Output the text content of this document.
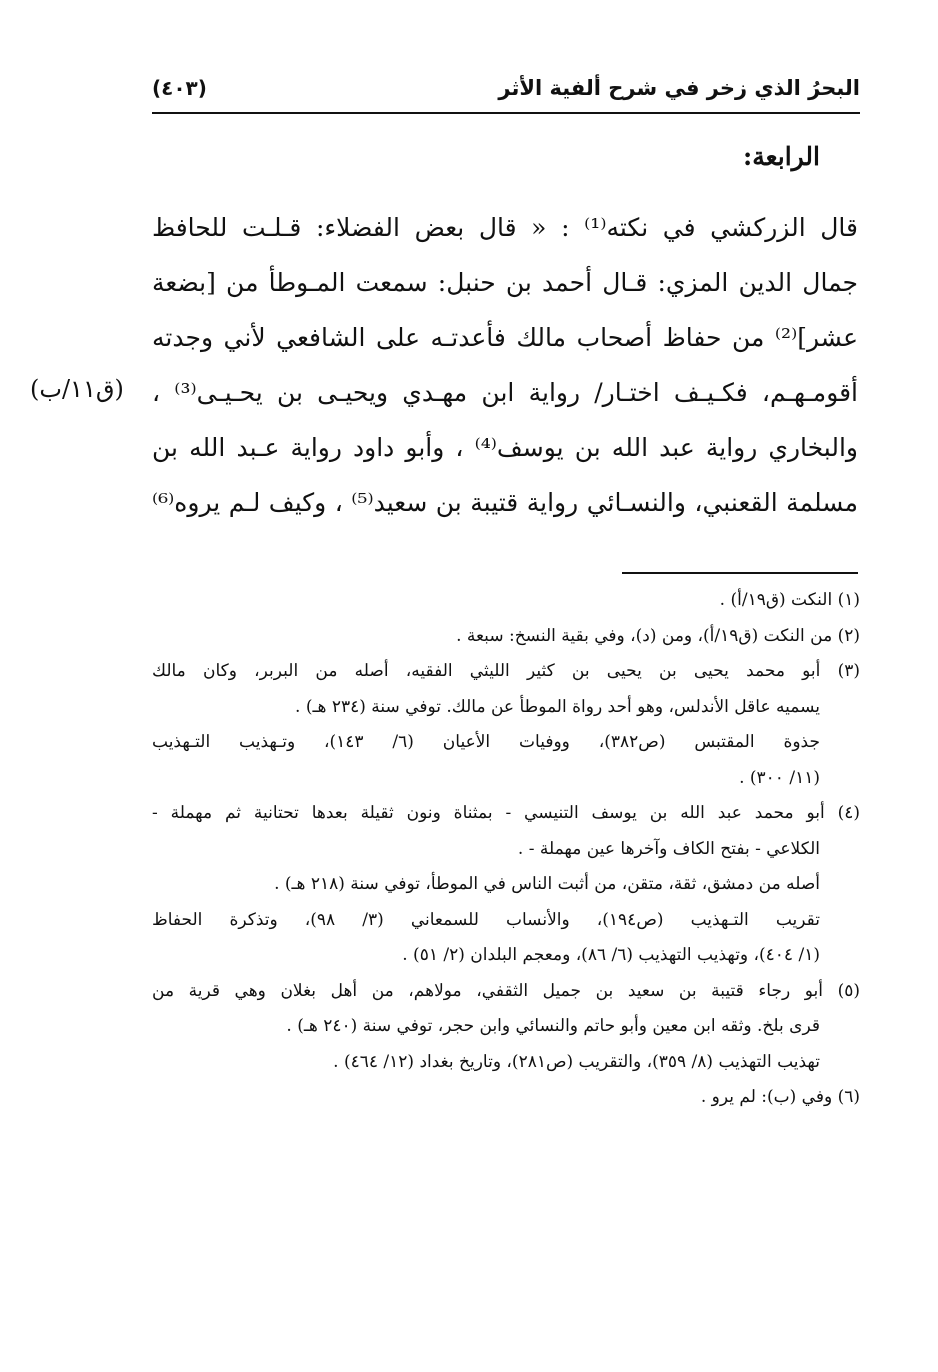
البحرُ الذي زخر في شرح ألفية الأثر
(٤٠٣)
الرابعة:
(ق١١/ب)
قال الزركشي في نكته⁽¹⁾ : « قال بعض الفضلاء: قـلـت للحافظ
جمال الدين المزي: قـال أحمد بن حنبل: سمعت المـوطأ من [بضعة
عشر]⁽²⁾ من حفاظ أصحاب مالك فأعدتـه على الشافعي لأني وجدته
أقومـهـم، فكـيـف اختـار/ رواية ابن مهـدي ويحيـى بن يحـيـى⁽³⁾ ،
والبخاري رواية عبد الله بن يوسف⁽⁴⁾ ، وأبو داود رواية عـبد الله بن
مسلمة القعنبي، والنسـائي رواية قتيبة بن سعيد⁽⁵⁾ ، وكيف لـم يروه⁽⁶⁾
(١) النكت (ق١٩/أ) .
(٢) من النكت (ق١٩/أ)، ومن (د)، وفي بقية النسخ: سبعة .
(٣) أبو محمد يحيى بن يحيى بن كثير الليثي الفقيه، أصله من البربر، وكان مالك
يسميه عاقل الأندلس، وهو أحد رواة الموطأ عن مالك. توفي سنة (٢٣٤ هـ) .
جذوة المقتبس (ص٣٨٢)، ووفيات الأعيان (٦/ ١٤٣)، وتـهذيب التـهذيب
(١١/ ٣٠٠) .
(٤) أبو محمد عبد الله بن يوسف التنيسي - بمثناة ونون ثقيلة بعدها تحتانية ثم مهملة -
الكلاعي - بفتح الكاف وآخرها عين مهملة - .
أصله من دمشق، ثقة، متقن، من أثبت الناس في الموطأ، توفي سنة (٢١٨ هـ) .
تقريب التـهذيب (ص١٩٤)، والأنساب للسمعاني (٣/ ٩٨)، وتذكرة الحفاظ
(١/ ٤٠٤)، وتهذيب التهذيب (٦/ ٨٦)، ومعجم البلدان (٢/ ٥١) .
(٥) أبو رجاء قتيبة بن سعيد بن جميل الثقفي، مولاهم، من أهل بغلان وهي قرية من
قرى بلخ. وثقه ابن معين وأبو حاتم والنسائي وابن حجر، توفي سنة (٢٤٠ هـ) .
تهذيب التهذيب (٨/ ٣٥٩)، والتقريب (ص٢٨١)، وتاريخ بغداد (١٢/ ٤٦٤) .
(٦) وفي (ب): لم يرو .
